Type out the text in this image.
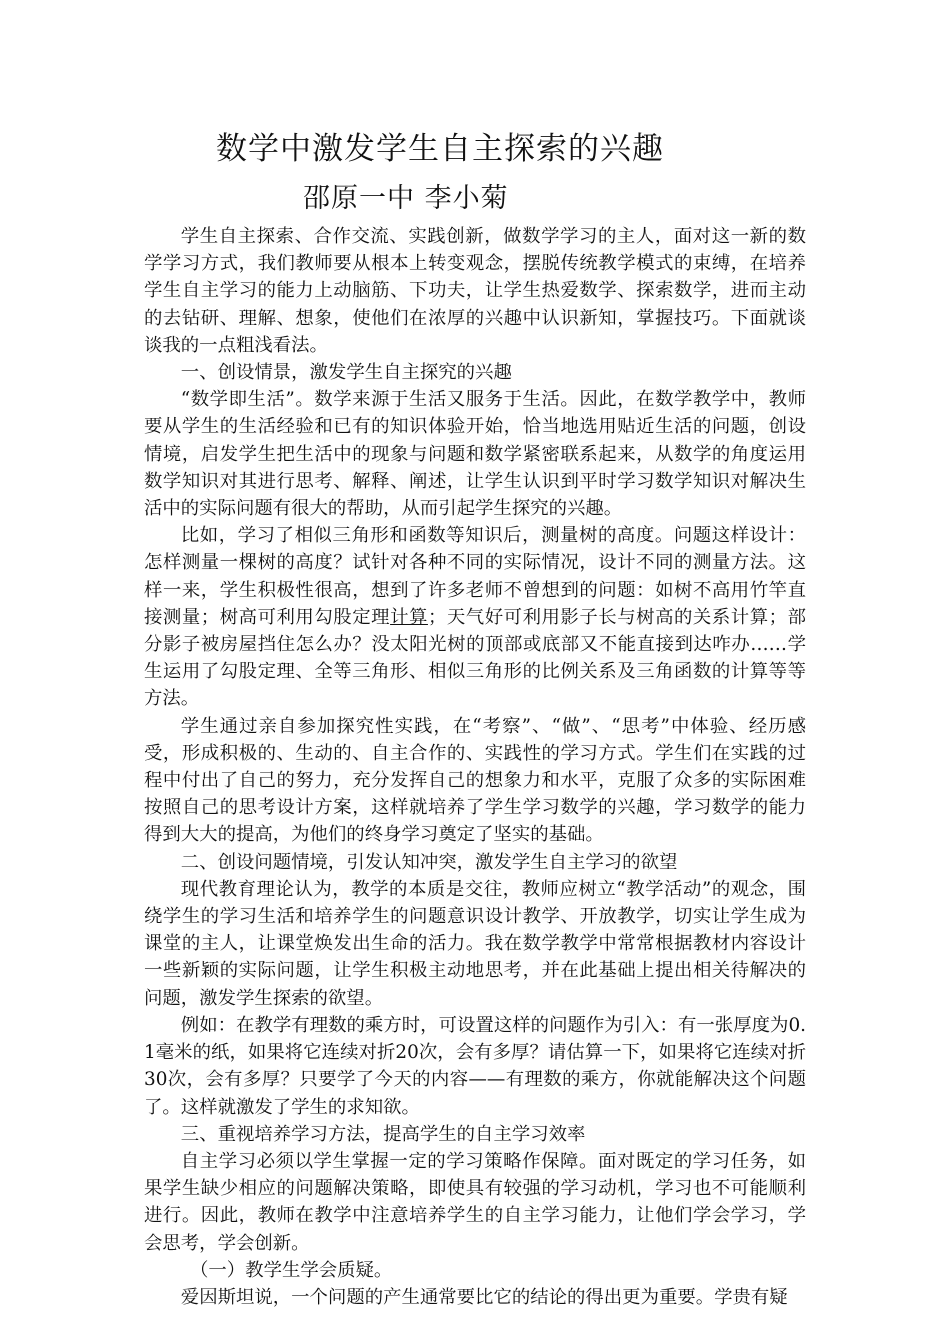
数学中激发学生自主探索的兴趣
邵原一中 李小菊

学生自主探索、合作交流、实践创新，做数学学习的主人，面对这一新的数学学习方式，我们教师要从根本上转变观念，摆脱传统教学模式的束缚，在培养学生自主学习的能力上动脑筋、下功夫，让学生热爱数学、探索数学，进而主动的去钻研、理解、想象，使他们在浓厚的兴趣中认识新知，掌握技巧。下面就谈谈我的一点粗浅看法。

一、创设情景，激发学生自主探究的兴趣

“数学即生活”。数学来源于生活又服务于生活。因此，在数学教学中，教师要从学生的生活经验和已有的知识体验开始，恰当地选用贴近生活的问题，创设情境，启发学生把生活中的现象与问题和数学紧密联系起来，从数学的角度运用数学知识对其进行思考、解释、阐述，让学生认识到平时学习数学知识对解决生活中的实际问题有很大的帮助，从而引起学生探究的兴趣。

比如，学习了相似三角形和函数等知识后，测量树的高度。问题这样设计：怎样测量一棵树的高度？试针对各种不同的实际情况，设计不同的测量方法。这样一来，学生积极性很高，想到了许多老师不曾想到的问题：如树不高用竹竿直接测量；树高可利用勾股定理计算；天气好可利用影子长与树高的关系计算；部分影子被房屋挡住怎么办？没太阳光树的顶部或底部又不能直接到达咋办……学生运用了勾股定理、全等三角形、相似三角形的比例关系及三角函数的计算等等方法。

学生通过亲自参加探究性实践，在“考察”、“做”、“思考”中体验、经历感受，形成积极的、生动的、自主合作的、实践性的学习方式。学生们在实践的过程中付出了自己的努力，充分发挥自己的想象力和水平，克服了众多的实际困难按照自己的思考设计方案，这样就培养了学生学习数学的兴趣，学习数学的能力得到大大的提高，为他们的终身学习奠定了坚实的基础。

二、创设问题情境，引发认知冲突，激发学生自主学习的欲望

现代教育理论认为，教学的本质是交往，教师应树立“教学活动”的观念，围绕学生的学习生活和培养学生的问题意识设计教学、开放教学，切实让学生成为课堂的主人，让课堂焕发出生命的活力。我在数学教学中常常根据教材内容设计一些新颖的实际问题，让学生积极主动地思考，并在此基础上提出相关待解决的问题，激发学生探索的欲望。

例如：在教学有理数的乘方时，可设置这样的问题作为引入：有一张厚度为0.1毫米的纸，如果将它连续对折20次，会有多厚？请估算一下，如果将它连续对折30次，会有多厚？只要学了今天的内容——有理数的乘方，你就能解决这个问题了。这样就激发了学生的求知欲。

三、重视培养学习方法，提高学生的自主学习效率

自主学习必须以学生掌握一定的学习策略作保障。面对既定的学习任务，如果学生缺少相应的问题解决策略，即使具有较强的学习动机，学习也不可能顺利进行。因此，教师在教学中注意培养学生的自主学习能力，让他们学会学习，学会思考，学会创新。

（一）教学生学会质疑。

爱因斯坦说，一个问题的产生通常要比它的结论的得出更为重要。学贵有疑
